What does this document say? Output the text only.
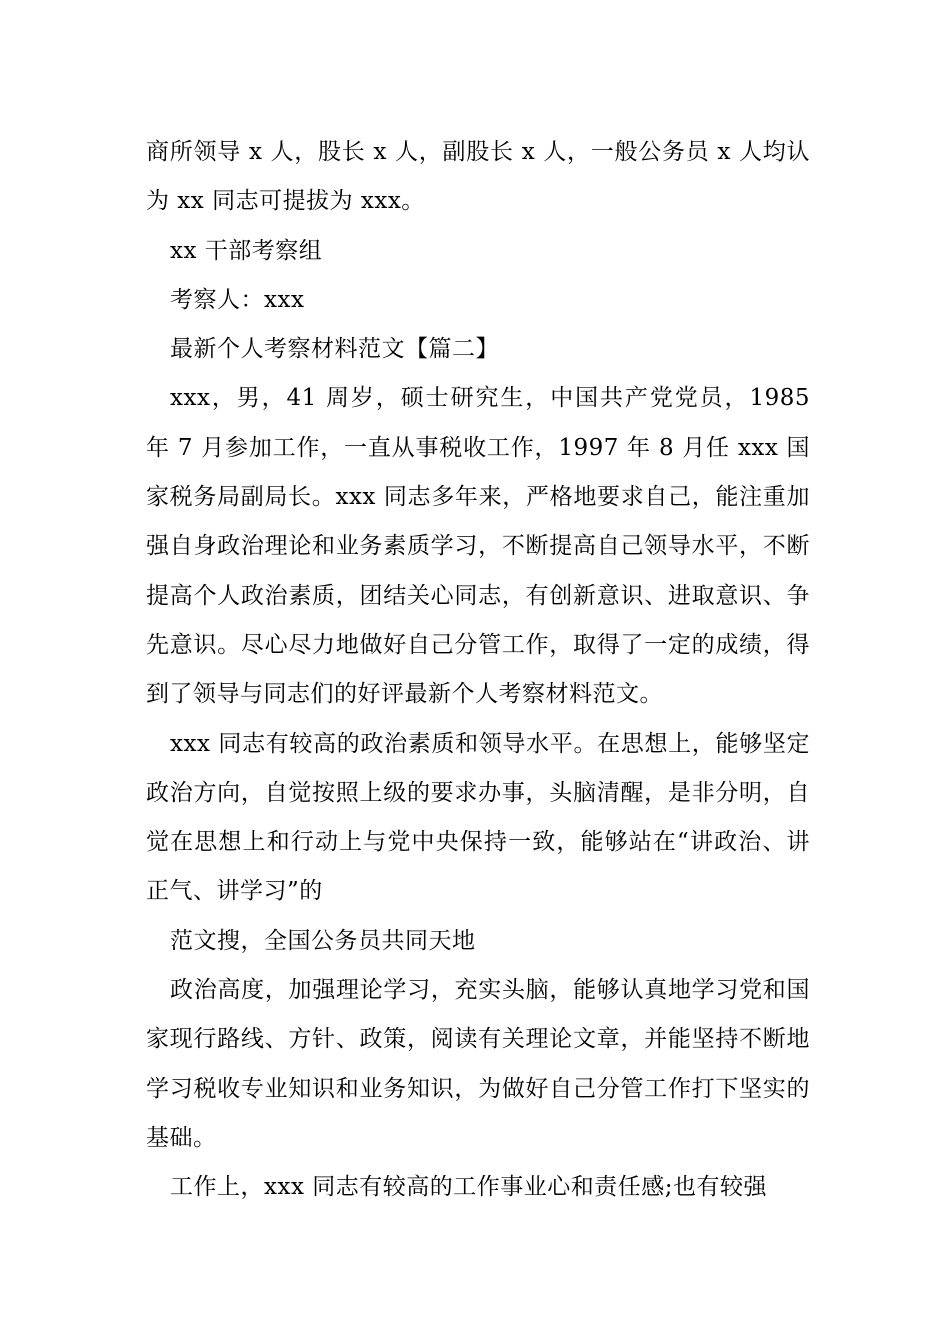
商所领导 x 人，股长 x 人，副股长 x 人，一般公务员 x 人均认为 xx 同志可提拔为 xxx。

xx 干部考察组

考察人：xxx

最新个人考察材料范文【篇二】

xxx，男，41 周岁，硕士研究生，中国共产党党员，1985 年 7 月参加工作，一直从事税收工作，1997 年 8 月任 xxx 国家税务局副局长。xxx 同志多年来，严格地要求自己，能注重加强自身政治理论和业务素质学习，不断提高自己领导水平，不断提高个人政治素质，团结关心同志，有创新意识、进取意识、争先意识。尽心尽力地做好自己分管工作，取得了一定的成绩，得到了领导与同志们的好评最新个人考察材料范文。

xxx 同志有较高的政治素质和领导水平。在思想上，能够坚定政治方向，自觉按照上级的要求办事，头脑清醒，是非分明，自觉在思想上和行动上与党中央保持一致，能够站在“讲政治、讲正气、讲学习”的

范文搜，全国公务员共同天地

政治高度，加强理论学习，充实头脑，能够认真地学习党和国家现行路线、方针、政策，阅读有关理论文章，并能坚持不断地学习税收专业知识和业务知识，为做好自己分管工作打下坚实的基础。

工作上，xxx 同志有较高的工作事业心和责任感;也有较强
